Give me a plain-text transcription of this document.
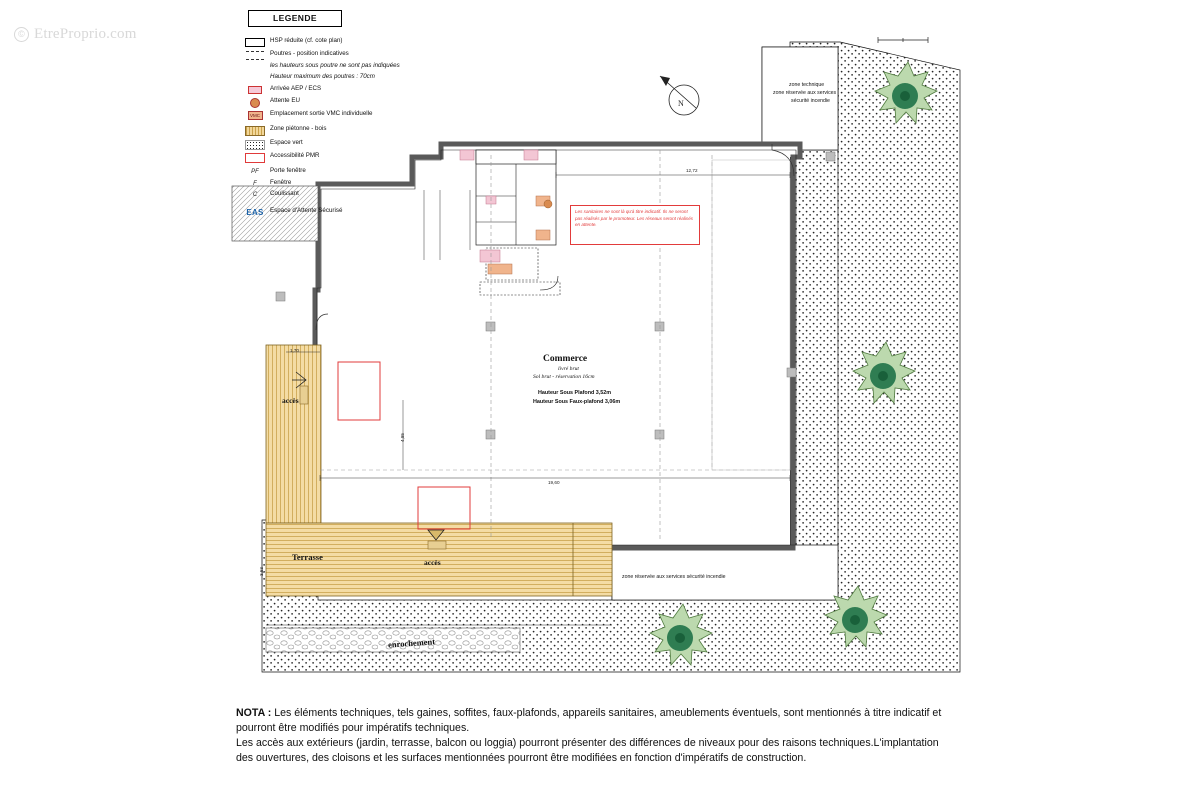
© EtreProprio.com
N
LEGENDE
HSP réduite (cf. cote plan)
Poutres - position indicatives
les hauteurs sous poutre ne sont pas indiquées
Hauteur maximum des poutres : 70cm
Arrivée AEP / ECS
Attente EU
VMC	Emplacement sortie VMC individuelle
Zone piétonne - bois
Espace vert
Accessibilité PMR
PF Porte fenêtre
F Fenêtre
C Coulissant
EAS Espace d'Attente Sécurisé
Commerce
livré brut
Sol brut - réservation 16cm
Hauteur Sous Plafond 3,52m
Hauteur Sous Faux-plafond 3,06m
Terrasse
accès
accès
enrochement
zone technique
zone réservée aux services
sécurité incendie
zone réservée aux services sécurité incendie
Les sanitaires ne sont là qu'à titre indicatif. Ils ne seront pas réalisés par le promoteur. Les réseaux seront réalisés en attente.
12,72
19,60
1,70
4,85
3,53

NOTA : Les éléments techniques, tels gaines, soffites, faux-plafonds, appareils sanitaires, ameublements éventuels, sont mentionnés à titre indicatif et pourront être modifiés pour impératifs techniques.

Les accès aux extérieurs (jardin, terrasse, balcon ou loggia) pourront présenter des différences de niveaux pour des raisons techniques.L'implantation des ouvertures, des cloisons et les surfaces mentionnées pourront être modifiées en fonction d'impératifs de construction.
